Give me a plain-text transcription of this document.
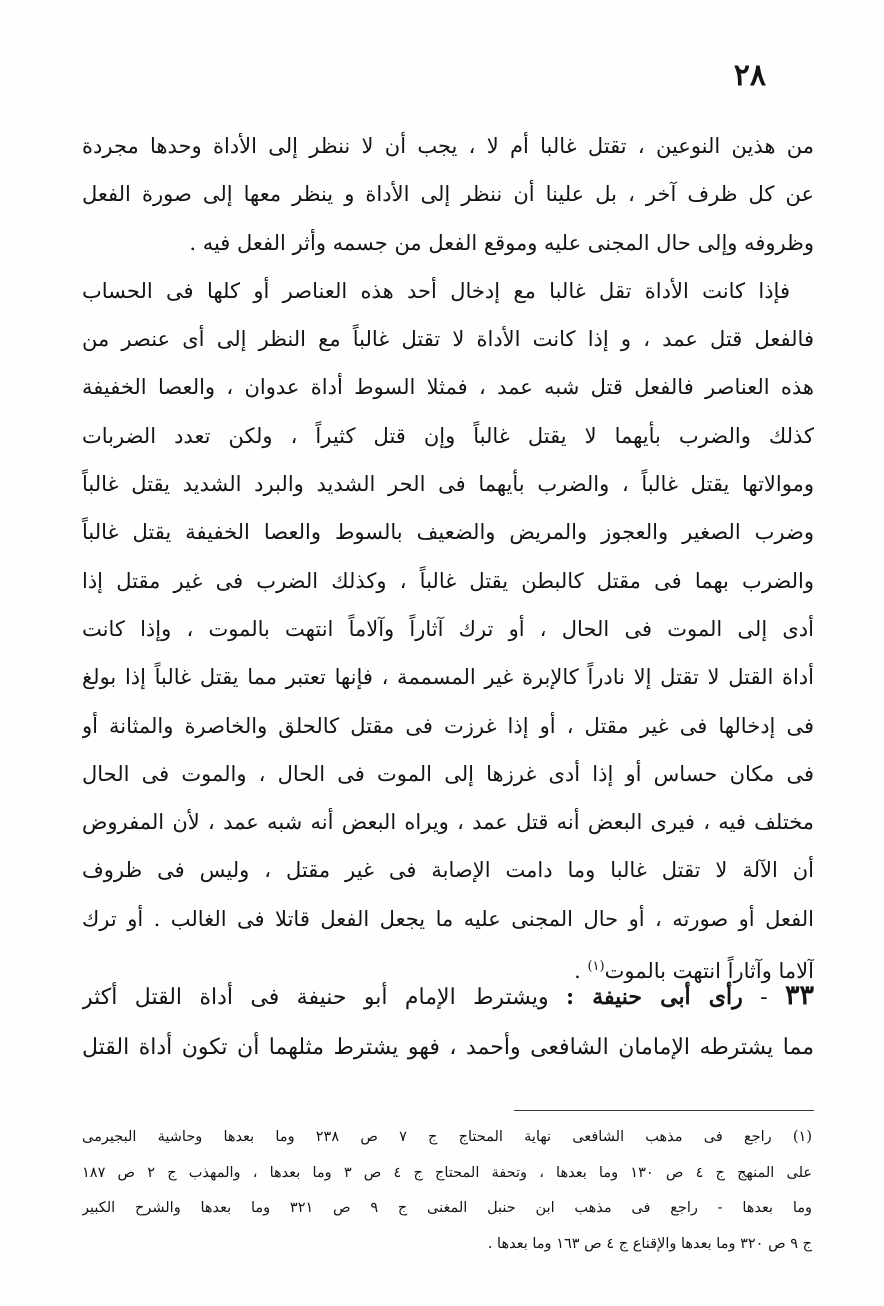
٢٨
من هذين النوعين ، تقتل غالبا أم لا ، يجب أن لا ننظر إلى الأداة وحدها مجردة
عن كل ظرف آخر ، بل علينا أن ننظر إلى الأداة و ينظر معها إلى صورة الفعل
وظروفه وإلى حال المجنى عليه وموقع الفعل من جسمه وأثر الفعل فيه .
فإذا كانت الأداة تقل غالبا مع إدخال أحد هذه العناصر أو كلها فى الحساب
فالفعل قتل عمد ، و إذا كانت الأداة لا تقتل غالباً مع النظر إلى أى عنصر من
هذه العناصر فالفعل قتل شبه عمد ، فمثلا السوط أداة عدوان ، والعصا الخفيفة
كذلك والضرب بأيهما لا يقتل غالباً وإن قتل كثيراً ، ولكن تعدد الضربات
وموالاتها يقتل غالباً ، والضرب بأيهما فى الحر الشديد والبرد الشديد يقتل غالباً
وضرب الصغير والعجوز والمريض والضعيف بالسوط والعصا الخفيفة يقتل غالباً
والضرب بهما فى مقتل كالبطن يقتل غالباً ، وكذلك الضرب فى غير مقتل إذا
أدى إلى الموت فى الحال ، أو ترك آثاراً وآلاماً انتهت بالموت ، وإذا كانت
أداة القتل لا تقتل إلا نادراً كالإبرة غير المسممة ، فإنها تعتبر مما يقتل غالباً إذا بولغ
فى إدخالها فى غير مقتل ، أو إذا غرزت فى مقتل كالحلق والخاصرة والمثانة أو
فى مكان حساس أو إذا أدى غرزها إلى الموت فى الحال ، والموت فى الحال
مختلف فيه ، فيرى البعض أنه قتل عمد ، ويراه البعض أنه شبه عمد ، لأن المفروض
أن الآلة لا تقتل غالبا وما دامت الإصابة فى غير مقتل ، وليس فى ظروف
الفعل أو صورته ، أو حال المجنى عليه ما يجعل الفعل قاتلا فى الغالب . أو ترك
آلاما وآثاراً انتهت بالموت$^{(١)}$ .
٣٣ - رأى أبى حنيفة : ويشترط الإمام أبو حنيفة فى أداة القتل أكثر
مما يشترطه الإمامان الشافعى وأحمد ، فهو يشترط مثلهما أن تكون أداة القتل
(١) راجع فى مذهب الشافعى نهاية المحتاج ج ٧ ص ٢٣٨ وما بعدها وحاشية البجيرمى
على المنهج ج ٤ ص ١٣٠ وما بعدها ، وتحفة المحتاج ج ٤ ص ٣ وما بعدها ، والمهذب ج ٢ ص ١٨٧
وما بعدها - راجع فى مذهب ابن حنبل المغنى ج ٩ ص ٣٢١ وما بعدها والشرح الكبير
ج ٩ ص ٣٢٠ وما بعدها والإقناع ج ٤ ص ١٦٣ وما بعدها .
